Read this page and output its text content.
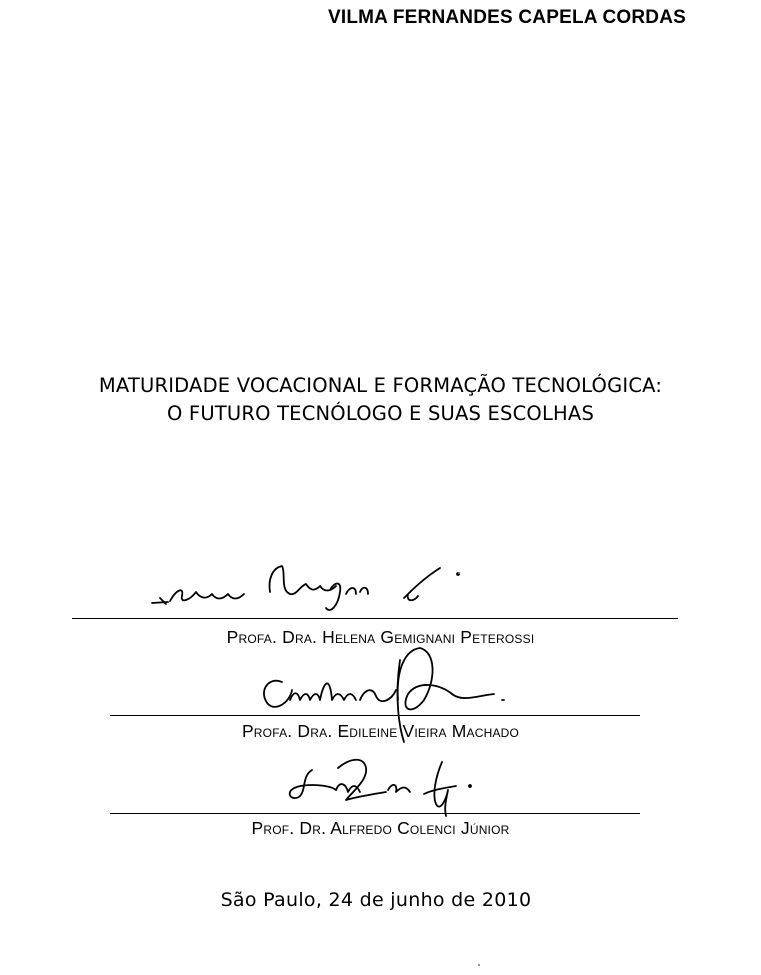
VILMA FERNANDES CAPELA CORDAS
MATURIDADE VOCACIONAL E FORMAÇÃO TECNOLÓGICA:
O FUTURO TECNÓLOGO E SUAS ESCOLHAS
Profa. Dra. Helena Gemignani Peterossi
Profa. Dra. Edileine Vieira Machado
Prof. Dr. Alfredo Colenci Júnior
São Paulo, 24 de junho de 2010
